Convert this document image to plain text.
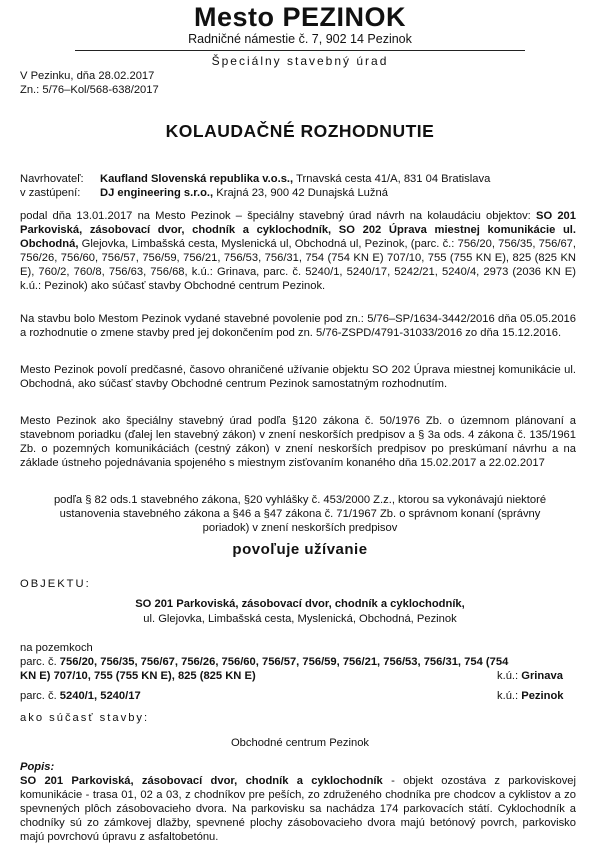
Mesto PEZINOK
Radničné námestie č. 7, 902 14 Pezinok
Špeciálny stavebný úrad
V Pezinku, dňa 28.02.2017
Zn.: 5/76–Kol/568-638/2017
KOLAUDAČNÉ ROZHODNUTIE
Navrhovateľ: Kaufland Slovenská republika v.o.s., Trnavská cesta 41/A, 831 04 Bratislava
v zastúpení: DJ engineering s.r.o., Krajná 23, 900 42 Dunajská Lužná
podal dňa 13.01.2017 na Mesto Pezinok – špeciálny stavebný úrad návrh na kolaudáciu objektov: SO 201 Parkoviská, zásobovací dvor, chodník a cyklochodník, SO 202 Úprava miestnej komunikácie ul. Obchodná, Glejovka, Limbašská cesta, Myslenická ul, Obchodná ul, Pezinok, (parc. č.: 756/20, 756/35, 756/67, 756/26, 756/60, 756/57, 756/59, 756/21, 756/53, 756/31, 754 (754 KN E) 707/10, 755 (755 KN E), 825 (825 KN E), 760/2, 760/8, 756/63, 756/68, k.ú.: Grinava, parc. č. 5240/1, 5240/17, 5242/21, 5240/4, 2973 (2036 KN E) k.ú.: Pezinok) ako súčasť stavby Obchodné centrum Pezinok.
Na stavbu bolo Mestom Pezinok vydané stavebné povolenie pod zn.: 5/76–SP/1634-3442/2016 dňa 05.05.2016 a rozhodnutie o zmene stavby pred jej dokončením pod zn. 5/76-ZSPD/4791-31033/2016 zo dňa 15.12.2016.
Mesto Pezinok povolí predčasné, časovo ohraničené užívanie objektu SO 202 Úprava miestnej komunikácie ul. Obchodná, ako súčasť stavby Obchodné centrum Pezinok samostatným rozhodnutím.
Mesto Pezinok ako špeciálny stavebný úrad podľa §120 zákona č. 50/1976 Zb. o územnom plánovaní a stavebnom poriadku (ďalej len stavebný zákon) v znení neskorších predpisov a § 3a ods. 4 zákona č. 135/1961 Zb. o pozemných komunikáciách (cestný zákon) v znení neskorších predpisov po preskúmaní návrhu a na základe ústneho pojednávania spojeného s miestnym zisťovaním konaného dňa 15.02.2017 a 22.02.2017
podľa § 82 ods.1 stavebného zákona, §20 vyhlášky č. 453/2000 Z.z., ktorou sa vykonávajú niektoré ustanovenia stavebného zákona a §46 a §47 zákona č. 71/1967 Zb. o správnom konaní (správny poriadok) v znení neskorších predpisov
povoľuje užívanie
OBJEKTU:
SO 201 Parkoviská, zásobovací dvor, chodník a cyklochodník,
ul. Glejovka, Limbašská cesta, Myslenická, Obchodná, Pezinok
na pozemkoch
parc. č. 756/20, 756/35, 756/67, 756/26, 756/60, 756/57, 756/59, 756/21, 756/53, 756/31, 754 (754
KN E) 707/10, 755 (755 KN E), 825 (825 KN E)	k.ú.: Grinava
parc. č. 5240/1, 5240/17	k.ú.: Pezinok
ako súčasť stavby:
Obchodné centrum Pezinok
Popis:
SO 201 Parkoviská, zásobovací dvor, chodník a cyklochodník - objekt ozostáva z parkoviskovej komunikácie - trasa 01, 02 a 03, z chodníkov pre peších, zo združeného chodníka pre chodcov a cyklistov a zo spevnených plôch zásobovacieho dvora. Na parkovisku sa nachádza 174 parkovacích státí. Cyklochodník a chodníky sú zo zámkovej dlažby, spevnené plochy zásobovacieho dvora majú betónový povrch, parkovisko majú povrchovú úpravu z asfaltobetónu.
